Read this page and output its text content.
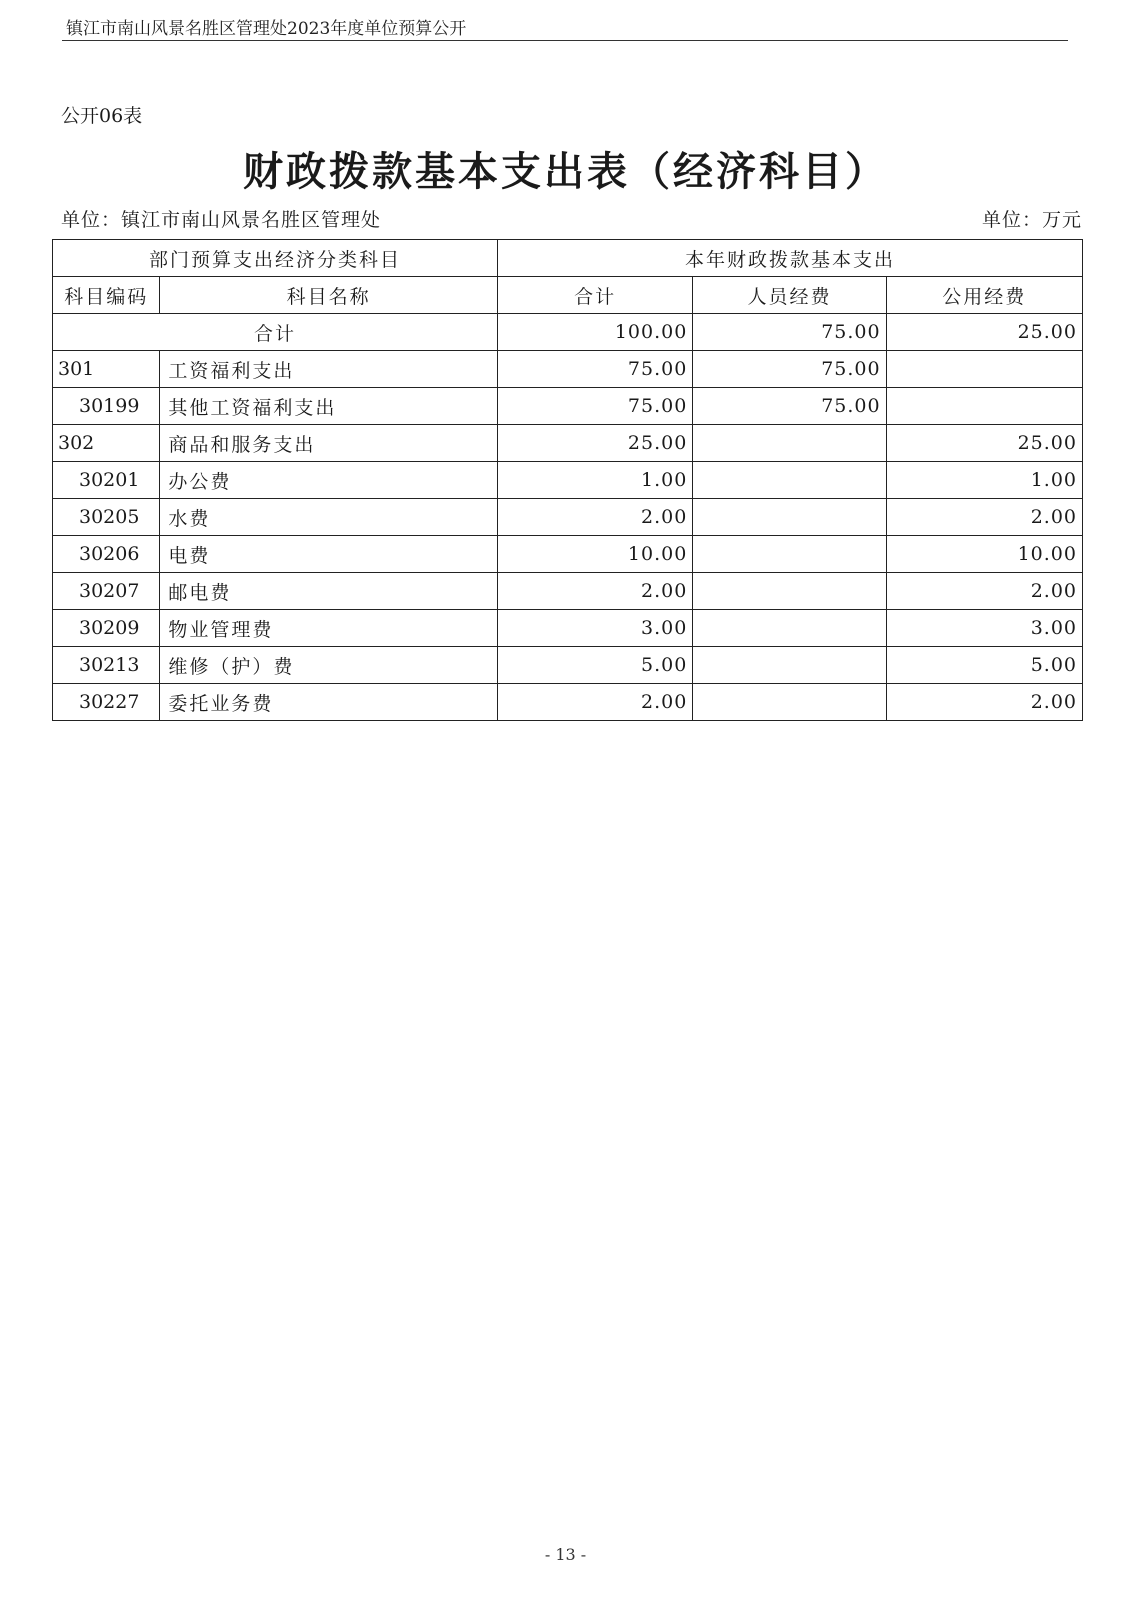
镇江市南山风景名胜区管理处2023年度单位预算公开
公开06表
财政拨款基本支出表（经济科目）
单位：镇江市南山风景名胜区管理处	单位：万元
部门预算支出经济分类科目		本年财政拨款基本支出		
科目编码	科目名称	合计	人员经费	公用经费
合计		100.00	75.00	25.00
301	工资福利支出	75.00	75.00	
30199	其他工资福利支出	75.00	75.00	
302	商品和服务支出	25.00		25.00
30201	办公费	1.00		1.00
30205	水费	2.00		2.00
30206	电费	10.00		10.00
30207	邮电费	2.00		2.00
30209	物业管理费	3.00		3.00
30213	维修（护）费	5.00		5.00
30227	委托业务费	2.00		2.00
- 13 -
